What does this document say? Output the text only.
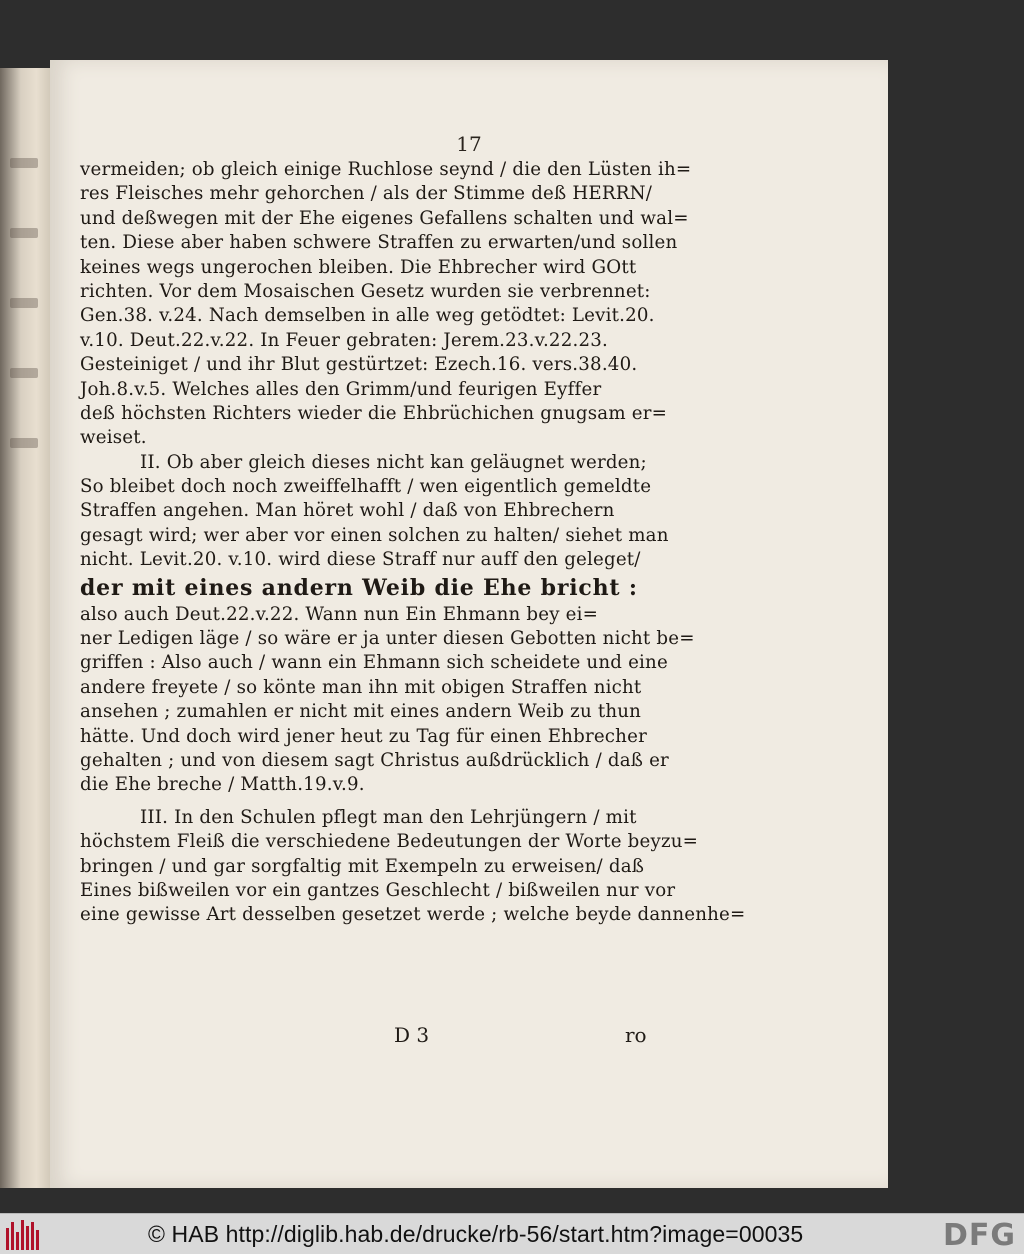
17
vermeiden; ob gleich einige Ruchlose seynd / die den Lüsten ih=
res Fleisches mehr gehorchen / als der Stimme deß HERRN/
und deßwegen mit der Ehe eigenes Gefallens schalten und wal=
ten. Diese aber haben schwere Straffen zu erwarten/und sollen
keines wegs ungerochen bleiben. Die Ehbrecher wird GOtt
richten. Vor dem Mosaischen Gesetz wurden sie verbrennet:
Gen.38. v.24. Nach demselben in alle weg getödtet: Levit.20.
v.10. Deut.22.v.22. In Feuer gebraten: Jerem.23.v.22.23.
Gesteiniget / und ihr Blut gestürtzet: Ezech.16. vers.38.40.
Joh.8.v.5. Welches alles den Grimm/und feurigen Eyffer
deß höchsten Richters wieder die Ehbrüchichen gnugsam er=
weiset.
II. Ob aber gleich dieses nicht kan geläugnet werden;
So bleibet doch noch zweiffelhafft / wen eigentlich gemeldte
Straffen angehen. Man höret wohl / daß von Ehbrechern
gesagt wird; wer aber vor einen solchen zu halten/ siehet man
nicht. Levit.20. v.10. wird diese Straff nur auff den geleget/
der mit eines andern Weib die Ehe bricht :
also auch Deut.22.v.22. Wann nun Ein Ehmann bey ei=
ner Ledigen läge / so wäre er ja unter diesen Gebotten nicht be=
griffen : Also auch / wann ein Ehmann sich scheidete und eine
andere freyete / so könte man ihn mit obigen Straffen nicht
ansehen ; zumahlen er nicht mit eines andern Weib zu thun
hätte. Und doch wird jener heut zu Tag für einen Ehbrecher
gehalten ; und von diesem sagt Christus außdrücklich / daß er
die Ehe breche / Matth.19.v.9.
III. In den Schulen pflegt man den Lehrjüngern / mit
höchstem Fleiß die verschiedene Bedeutungen der Worte beyzu=
bringen / und gar sorgfaltig mit Exempeln zu erweisen/ daß
Eines bißweilen vor ein gantzes Geschlecht / bißweilen nur vor
eine gewisse Art desselben gesetzet werde ; welche beyde dannenhe=
D 3	ro
© HAB http://diglib.hab.de/drucke/rb-56/start.htm?image=00035	DFG
